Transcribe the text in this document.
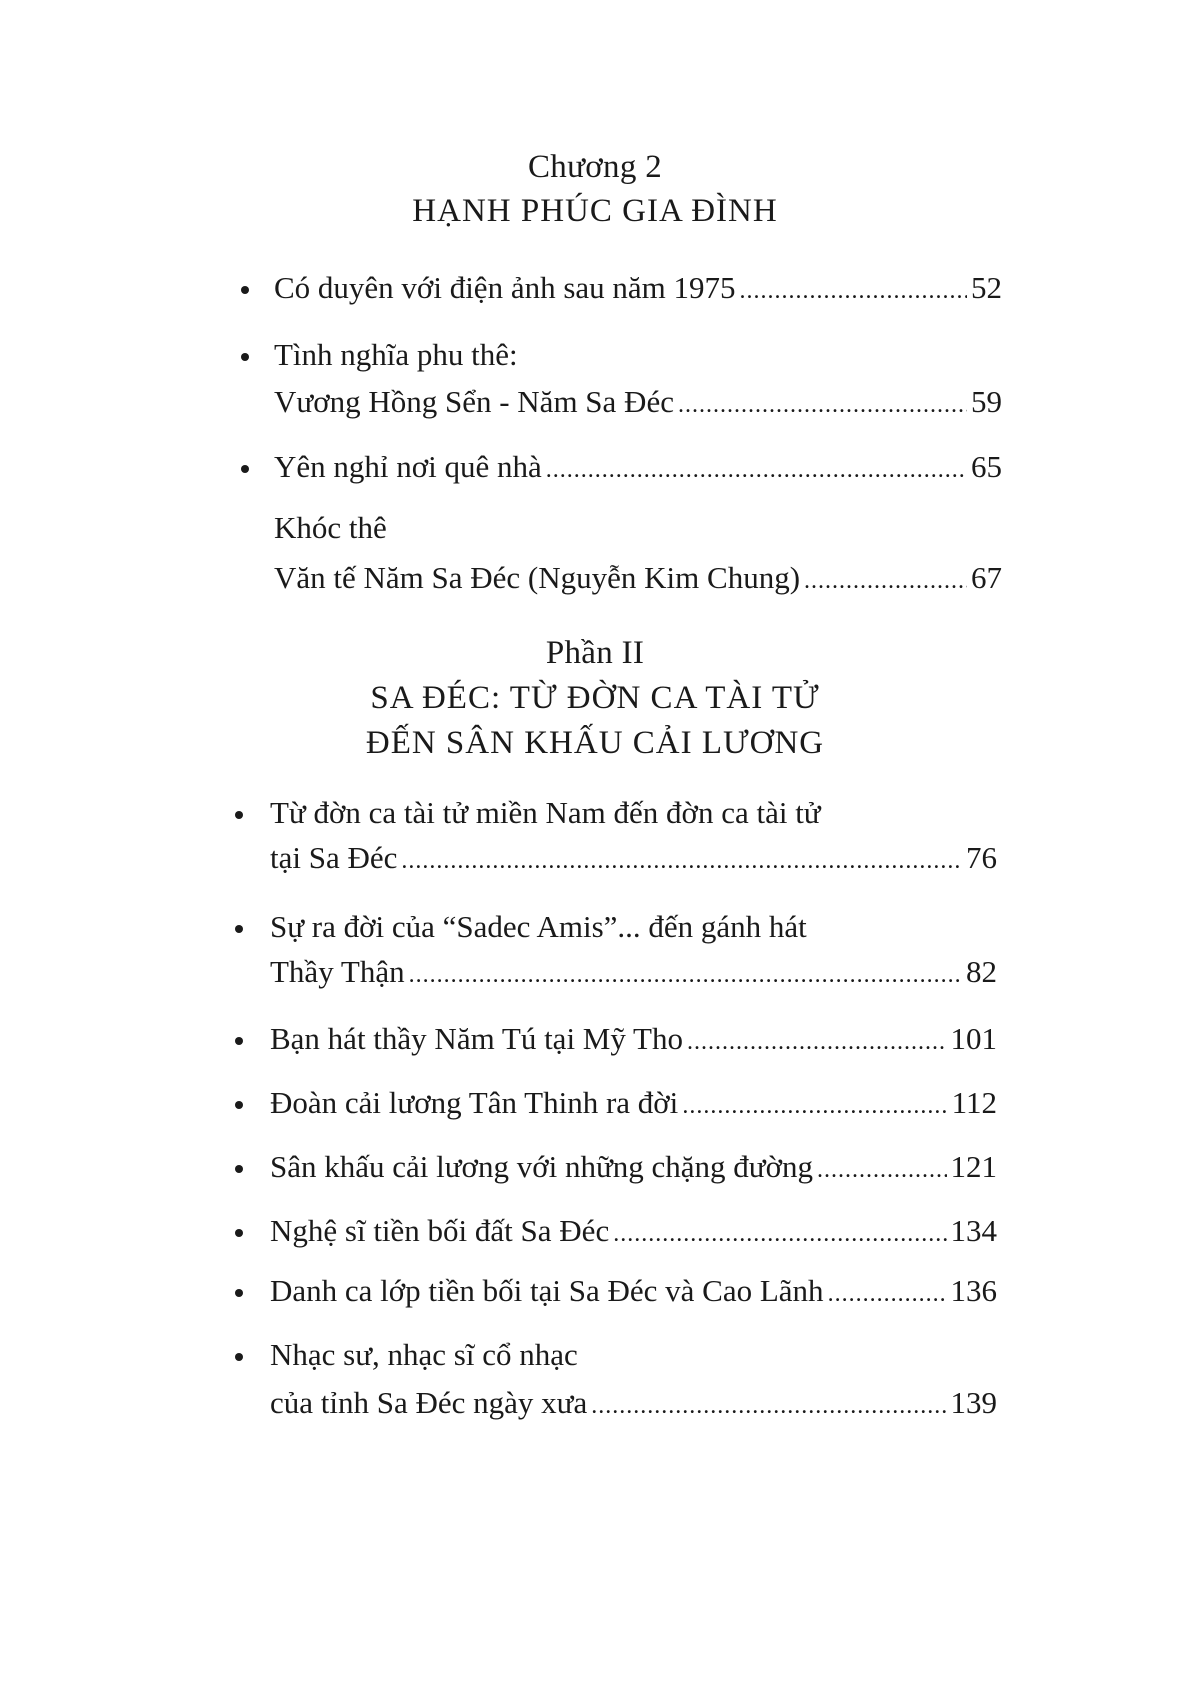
Chương 2
HẠNH PHÚC GIA ĐÌNH
Có duyên với điện ảnh sau năm 1975 .....	52
Tình nghĩa phu thê:
Vương Hồng Sển - Năm Sa Đéc .....	59
Yên nghỉ nơi quê nhà .....	65
Khóc thê
Văn tế Năm Sa Đéc (Nguyễn Kim Chung) .....	67
Phần II
SA ĐÉC: TỪ ĐỜN CA TÀI TỬ
ĐẾN SÂN KHẤU CẢI LƯƠNG
Từ đờn ca tài tử miền Nam đến đờn ca tài tử
tại Sa Đéc .....	76
Sự ra đời của “Sadec Amis”... đến gánh hát
Thầy Thận .....	82
Bạn hát thầy Năm Tú tại Mỹ Tho .....	101
Đoàn cải lương Tân Thinh ra đời .....	112
Sân khấu cải lương với những chặng đường .....	121
Nghệ sĩ tiền bối đất Sa Đéc .....	134
Danh ca lớp tiền bối tại Sa Đéc và Cao Lãnh .....	136
Nhạc sư, nhạc sĩ cổ nhạc
của tỉnh Sa Đéc ngày xưa .....	139
